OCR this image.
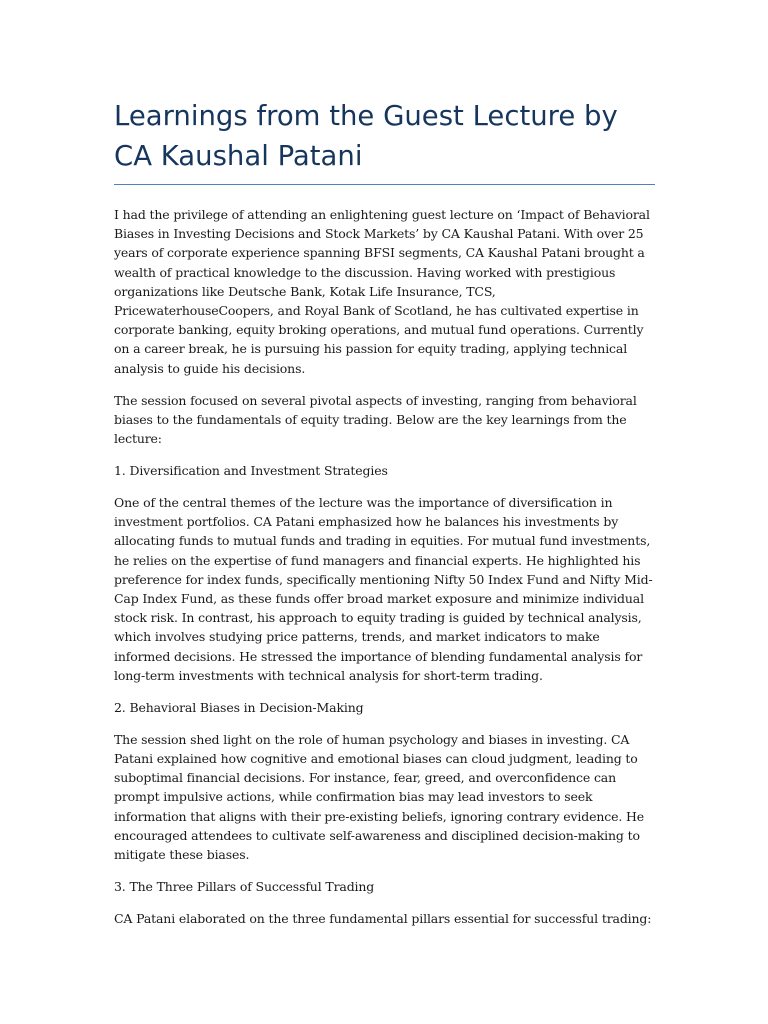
Learnings from the Guest Lecture by CA Kaushal Patani

I had the privilege of attending an enlightening guest lecture on ‘Impact of Behavioral Biases in Investing Decisions and Stock Markets’ by CA Kaushal Patani. With over 25 years of corporate experience spanning BFSI segments, CA Kaushal Patani brought a wealth of practical knowledge to the discussion. Having worked with prestigious organizations like Deutsche Bank, Kotak Life Insurance, TCS, PricewaterhouseCoopers, and Royal Bank of Scotland, he has cultivated expertise in corporate banking, equity broking operations, and mutual fund operations. Currently on a career break, he is pursuing his passion for equity trading, applying technical analysis to guide his decisions.

The session focused on several pivotal aspects of investing, ranging from behavioral biases to the fundamentals of equity trading. Below are the key learnings from the lecture:

1. Diversification and Investment Strategies

One of the central themes of the lecture was the importance of diversification in investment portfolios. CA Patani emphasized how he balances his investments by allocating funds to mutual funds and trading in equities. For mutual fund investments, he relies on the expertise of fund managers and financial experts. He highlighted his preference for index funds, specifically mentioning Nifty 50 Index Fund and Nifty Mid-Cap Index Fund, as these funds offer broad market exposure and minimize individual stock risk. In contrast, his approach to equity trading is guided by technical analysis, which involves studying price patterns, trends, and market indicators to make informed decisions. He stressed the importance of blending fundamental analysis for long-term investments with technical analysis for short-term trading.

2. Behavioral Biases in Decision-Making

The session shed light on the role of human psychology and biases in investing. CA Patani explained how cognitive and emotional biases can cloud judgment, leading to suboptimal financial decisions. For instance, fear, greed, and overconfidence can prompt impulsive actions, while confirmation bias may lead investors to seek information that aligns with their pre-existing beliefs, ignoring contrary evidence. He encouraged attendees to cultivate self-awareness and disciplined decision-making to mitigate these biases.

3. The Three Pillars of Successful Trading

CA Patani elaborated on the three fundamental pillars essential for successful trading:
